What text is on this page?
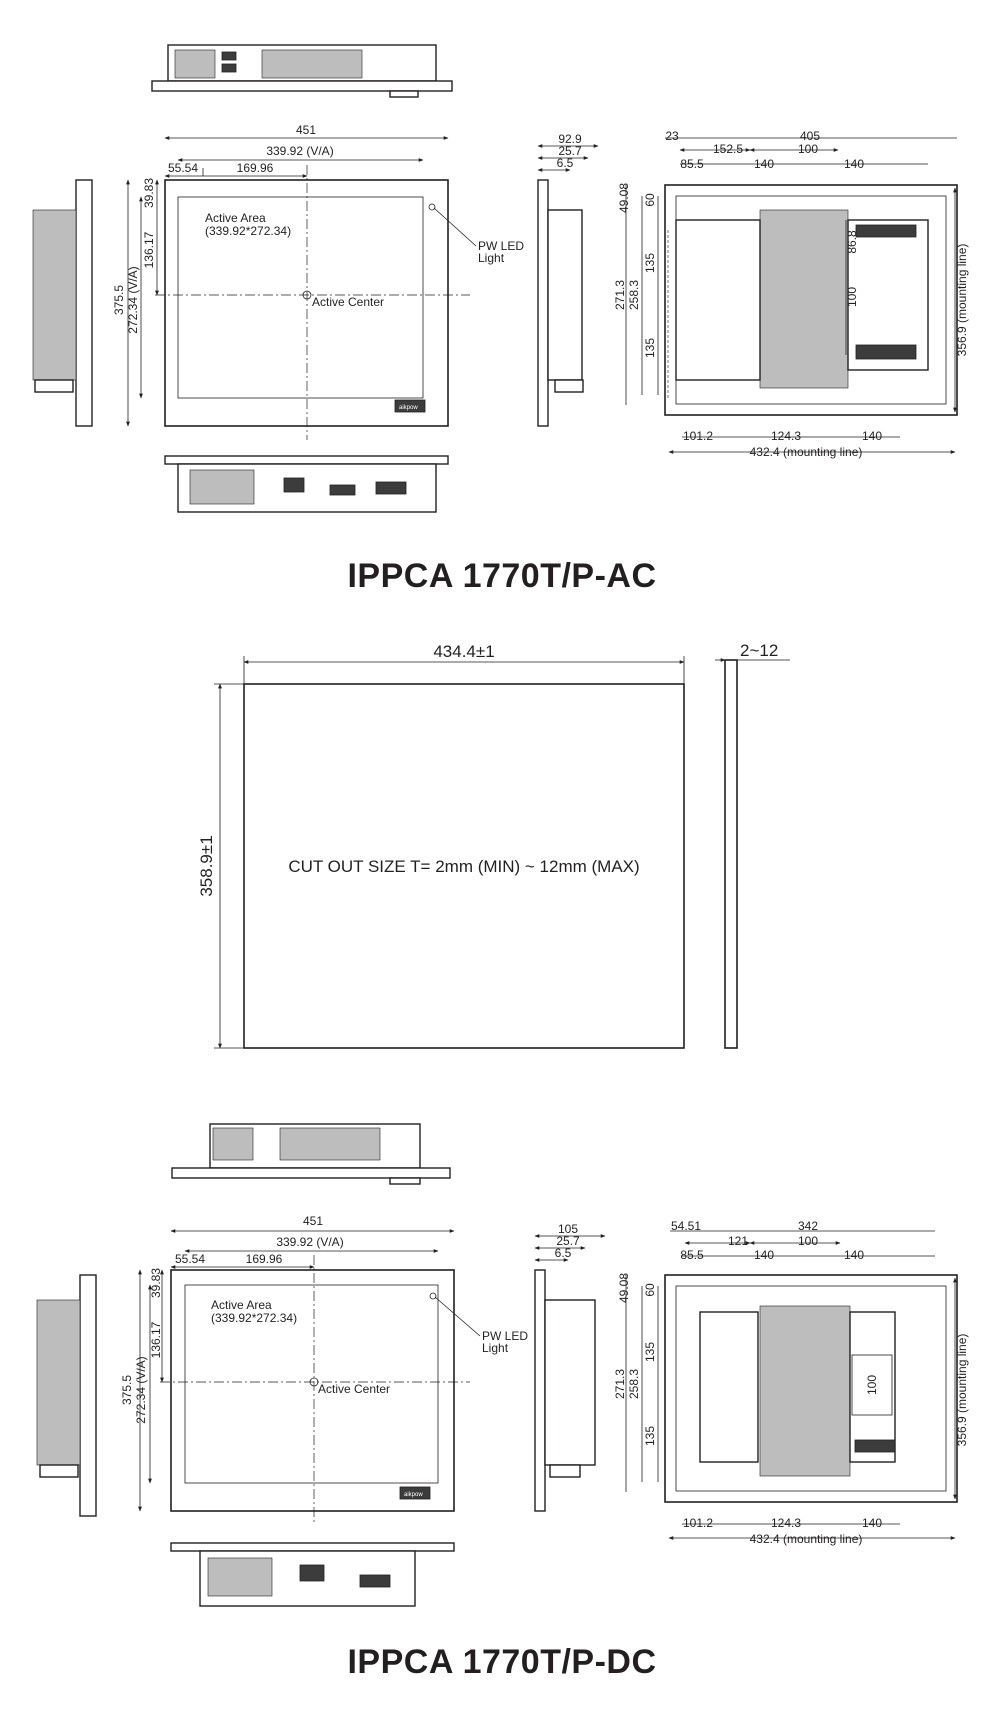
451
339.92 (V/A)
55.54	169.96
39.83
136.17
375.5 272.34 (V/A)
Active Area
(339.92*272.34)
Active Center
PW LED
Light
aikpow
92.9
25.7
6.5
23	405
152.5	100
85.5	140	140
49.08 60
135
135
271.3 258.3
86.8
100	356.9 (mounting line)
101.2	124.3	140
432.4 (mounting line)
IPPCA 1770T/P-AC
434.4±1
358.9±1
2~12
CUT OUT SIZE T= 2mm (MIN) ~ 12mm (MAX)
451
339.92 (V/A)
55.54	169.96
39.83
136.17
375.5 272.34 (V/A)
Active Area
(339.92*272.34)
Active Center
PW LED
Light
aikpow
105
25.7
6.5
54.51	342
121	100
85.5	140	140
49.08 60
135
135
271.3 258.3	100	356.9 (mounting line)
101.2	124.3	140
432.4 (mounting line)
IPPCA 1770T/P-DC
